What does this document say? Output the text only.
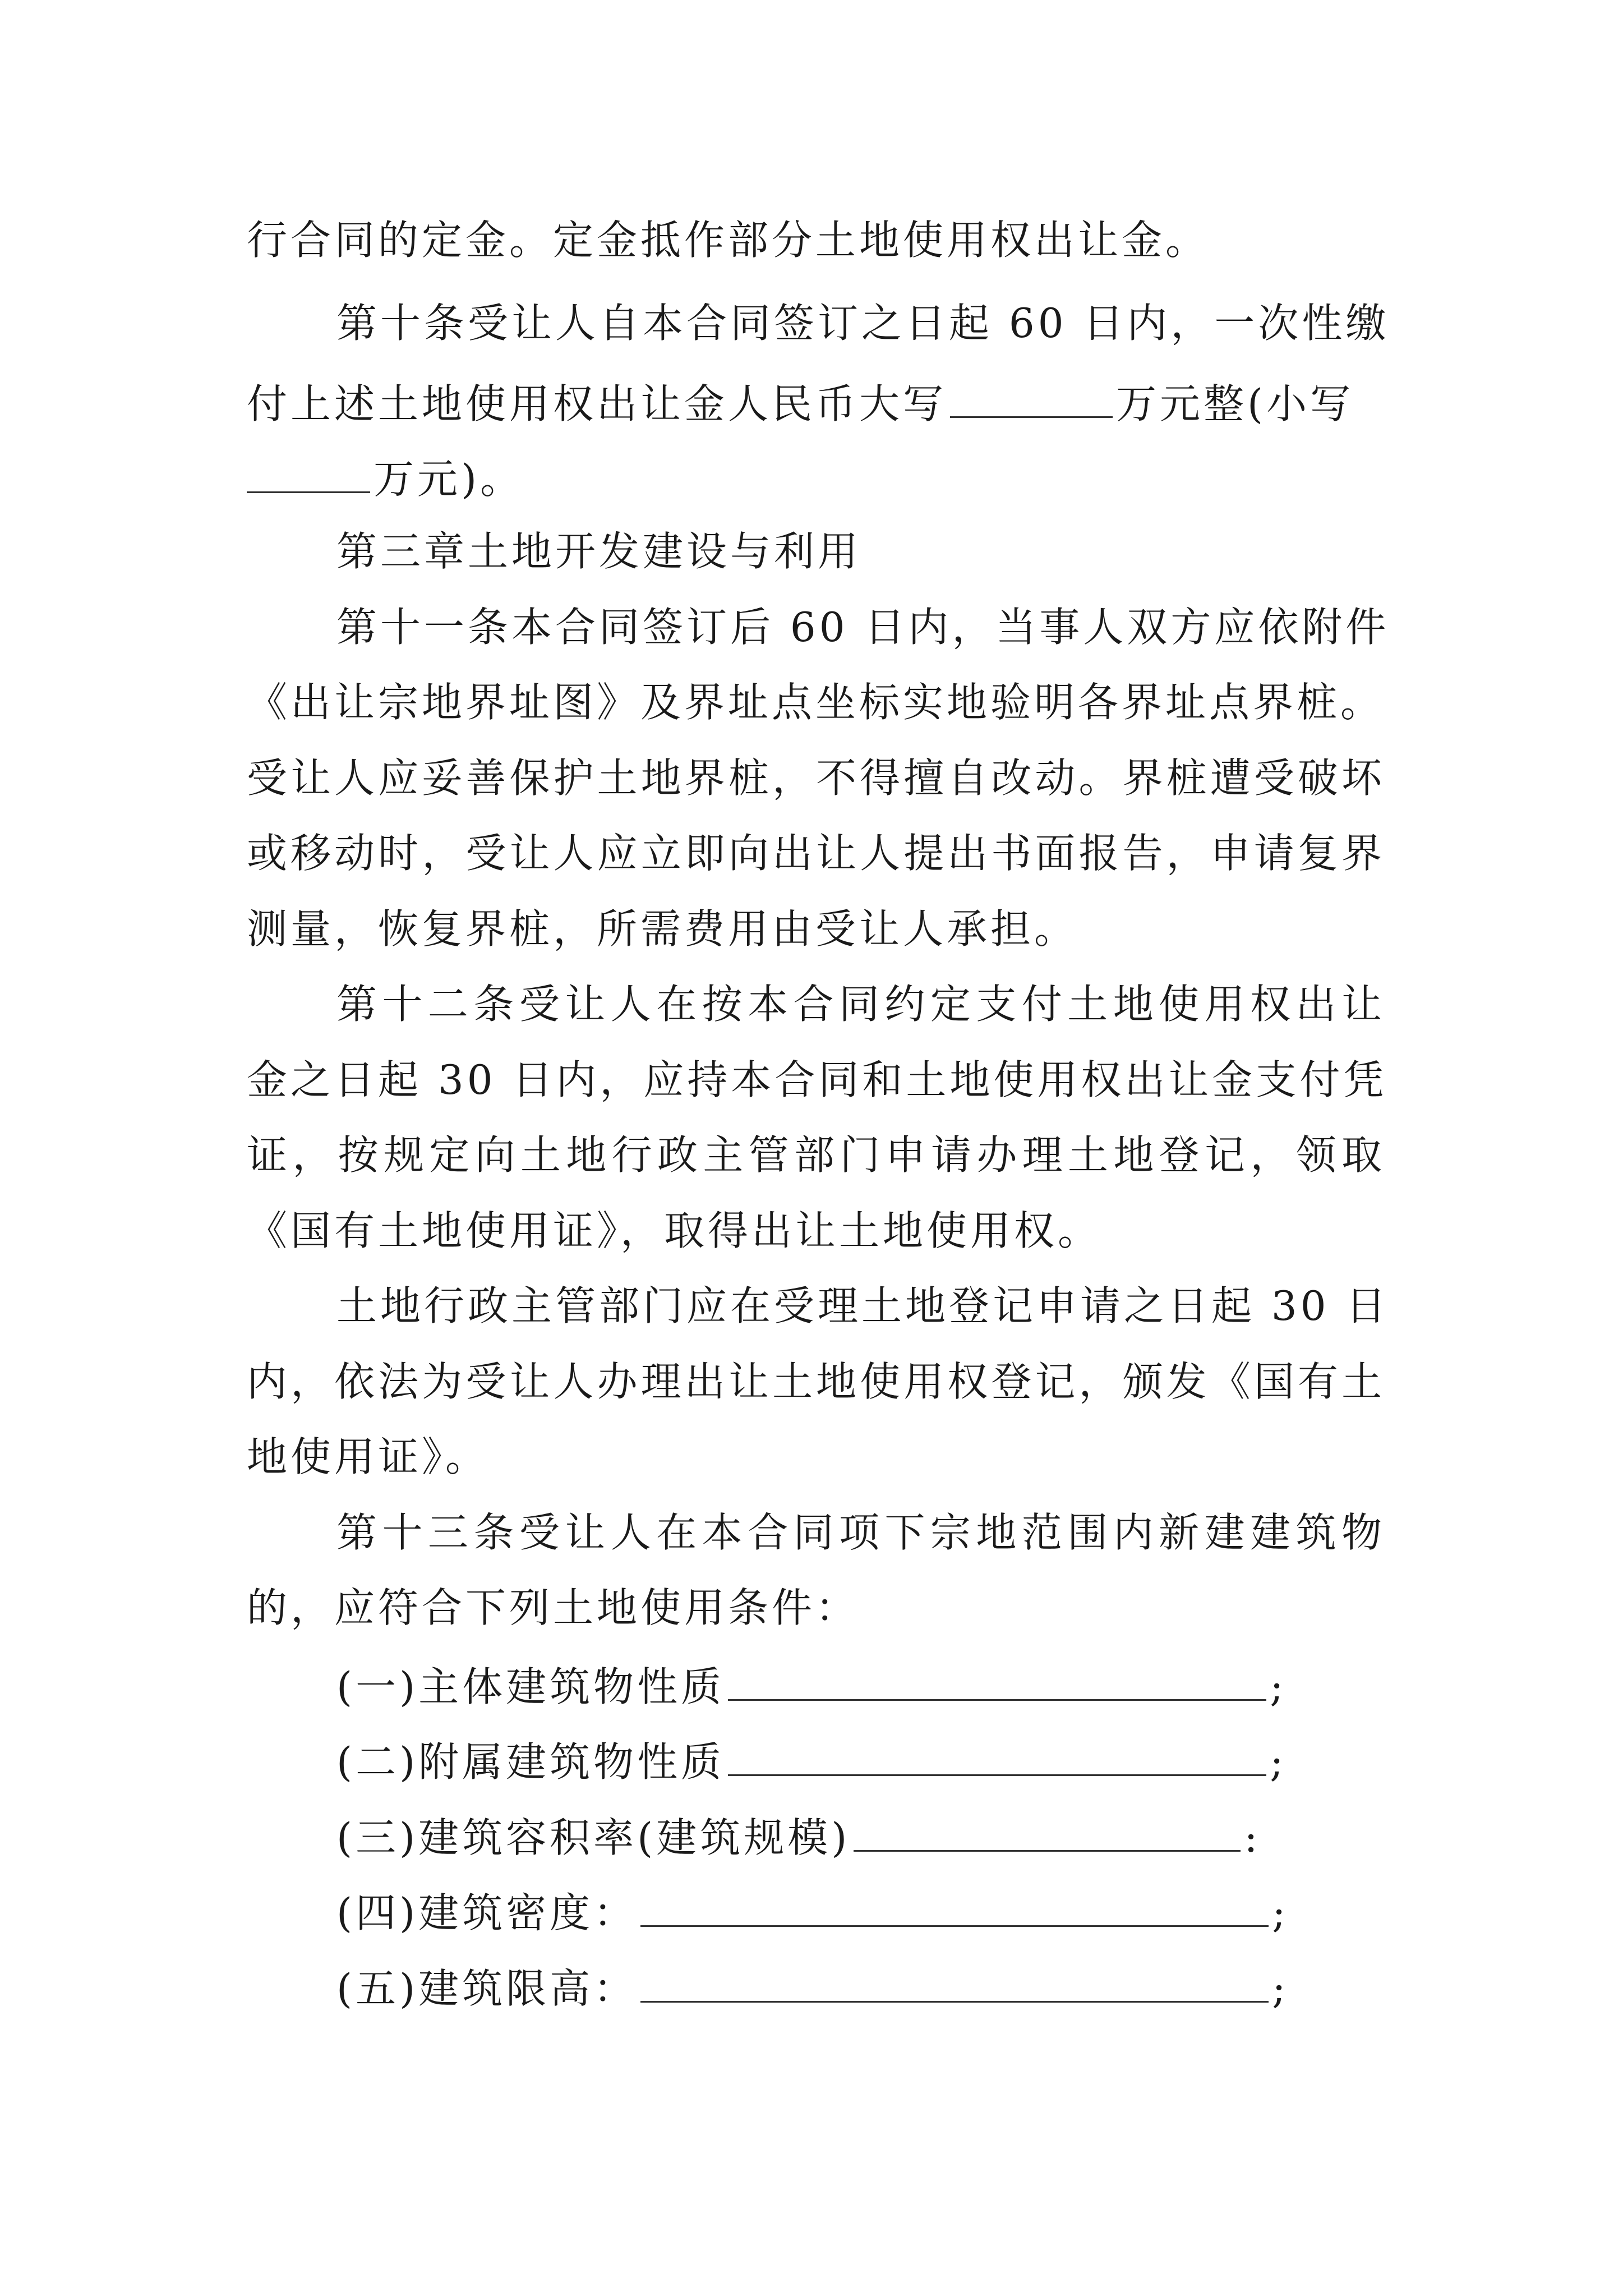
行合同的定金。定金抵作部分土地使用权出让金。
第十条受让人自本合同签订之日起 60 日内，一次性缴
付上述土地使用权出让金人民币大写	万元整(小写
万元)。
第三章土地开发建设与利用
第十一条本合同签订后 60 日内，当事人双方应依附件
《出让宗地界址图》及界址点坐标实地验明各界址点界桩。
受让人应妥善保护土地界桩，不得擅自改动。界桩遭受破坏
或移动时，受让人应立即向出让人提出书面报告，申请复界
测量，恢复界桩，所需费用由受让人承担。
第十二条受让人在按本合同约定支付土地使用权出让
金之日起 30 日内，应持本合同和土地使用权出让金支付凭
证，按规定向土地行政主管部门申请办理土地登记，领取
《国有土地使用证》，取得出让土地使用权。
土地行政主管部门应在受理土地登记申请之日起 30 日
内，依法为受让人办理出让土地使用权登记，颁发《国有土
地使用证》。
第十三条受让人在本合同项下宗地范围内新建建筑物
的，应符合下列土地使用条件：
(一)主体建筑物性质	;
(二)附属建筑物性质	;
(三)建筑容积率(建筑规模)	:
(四)建筑密度：	;
(五)建筑限高：	;
